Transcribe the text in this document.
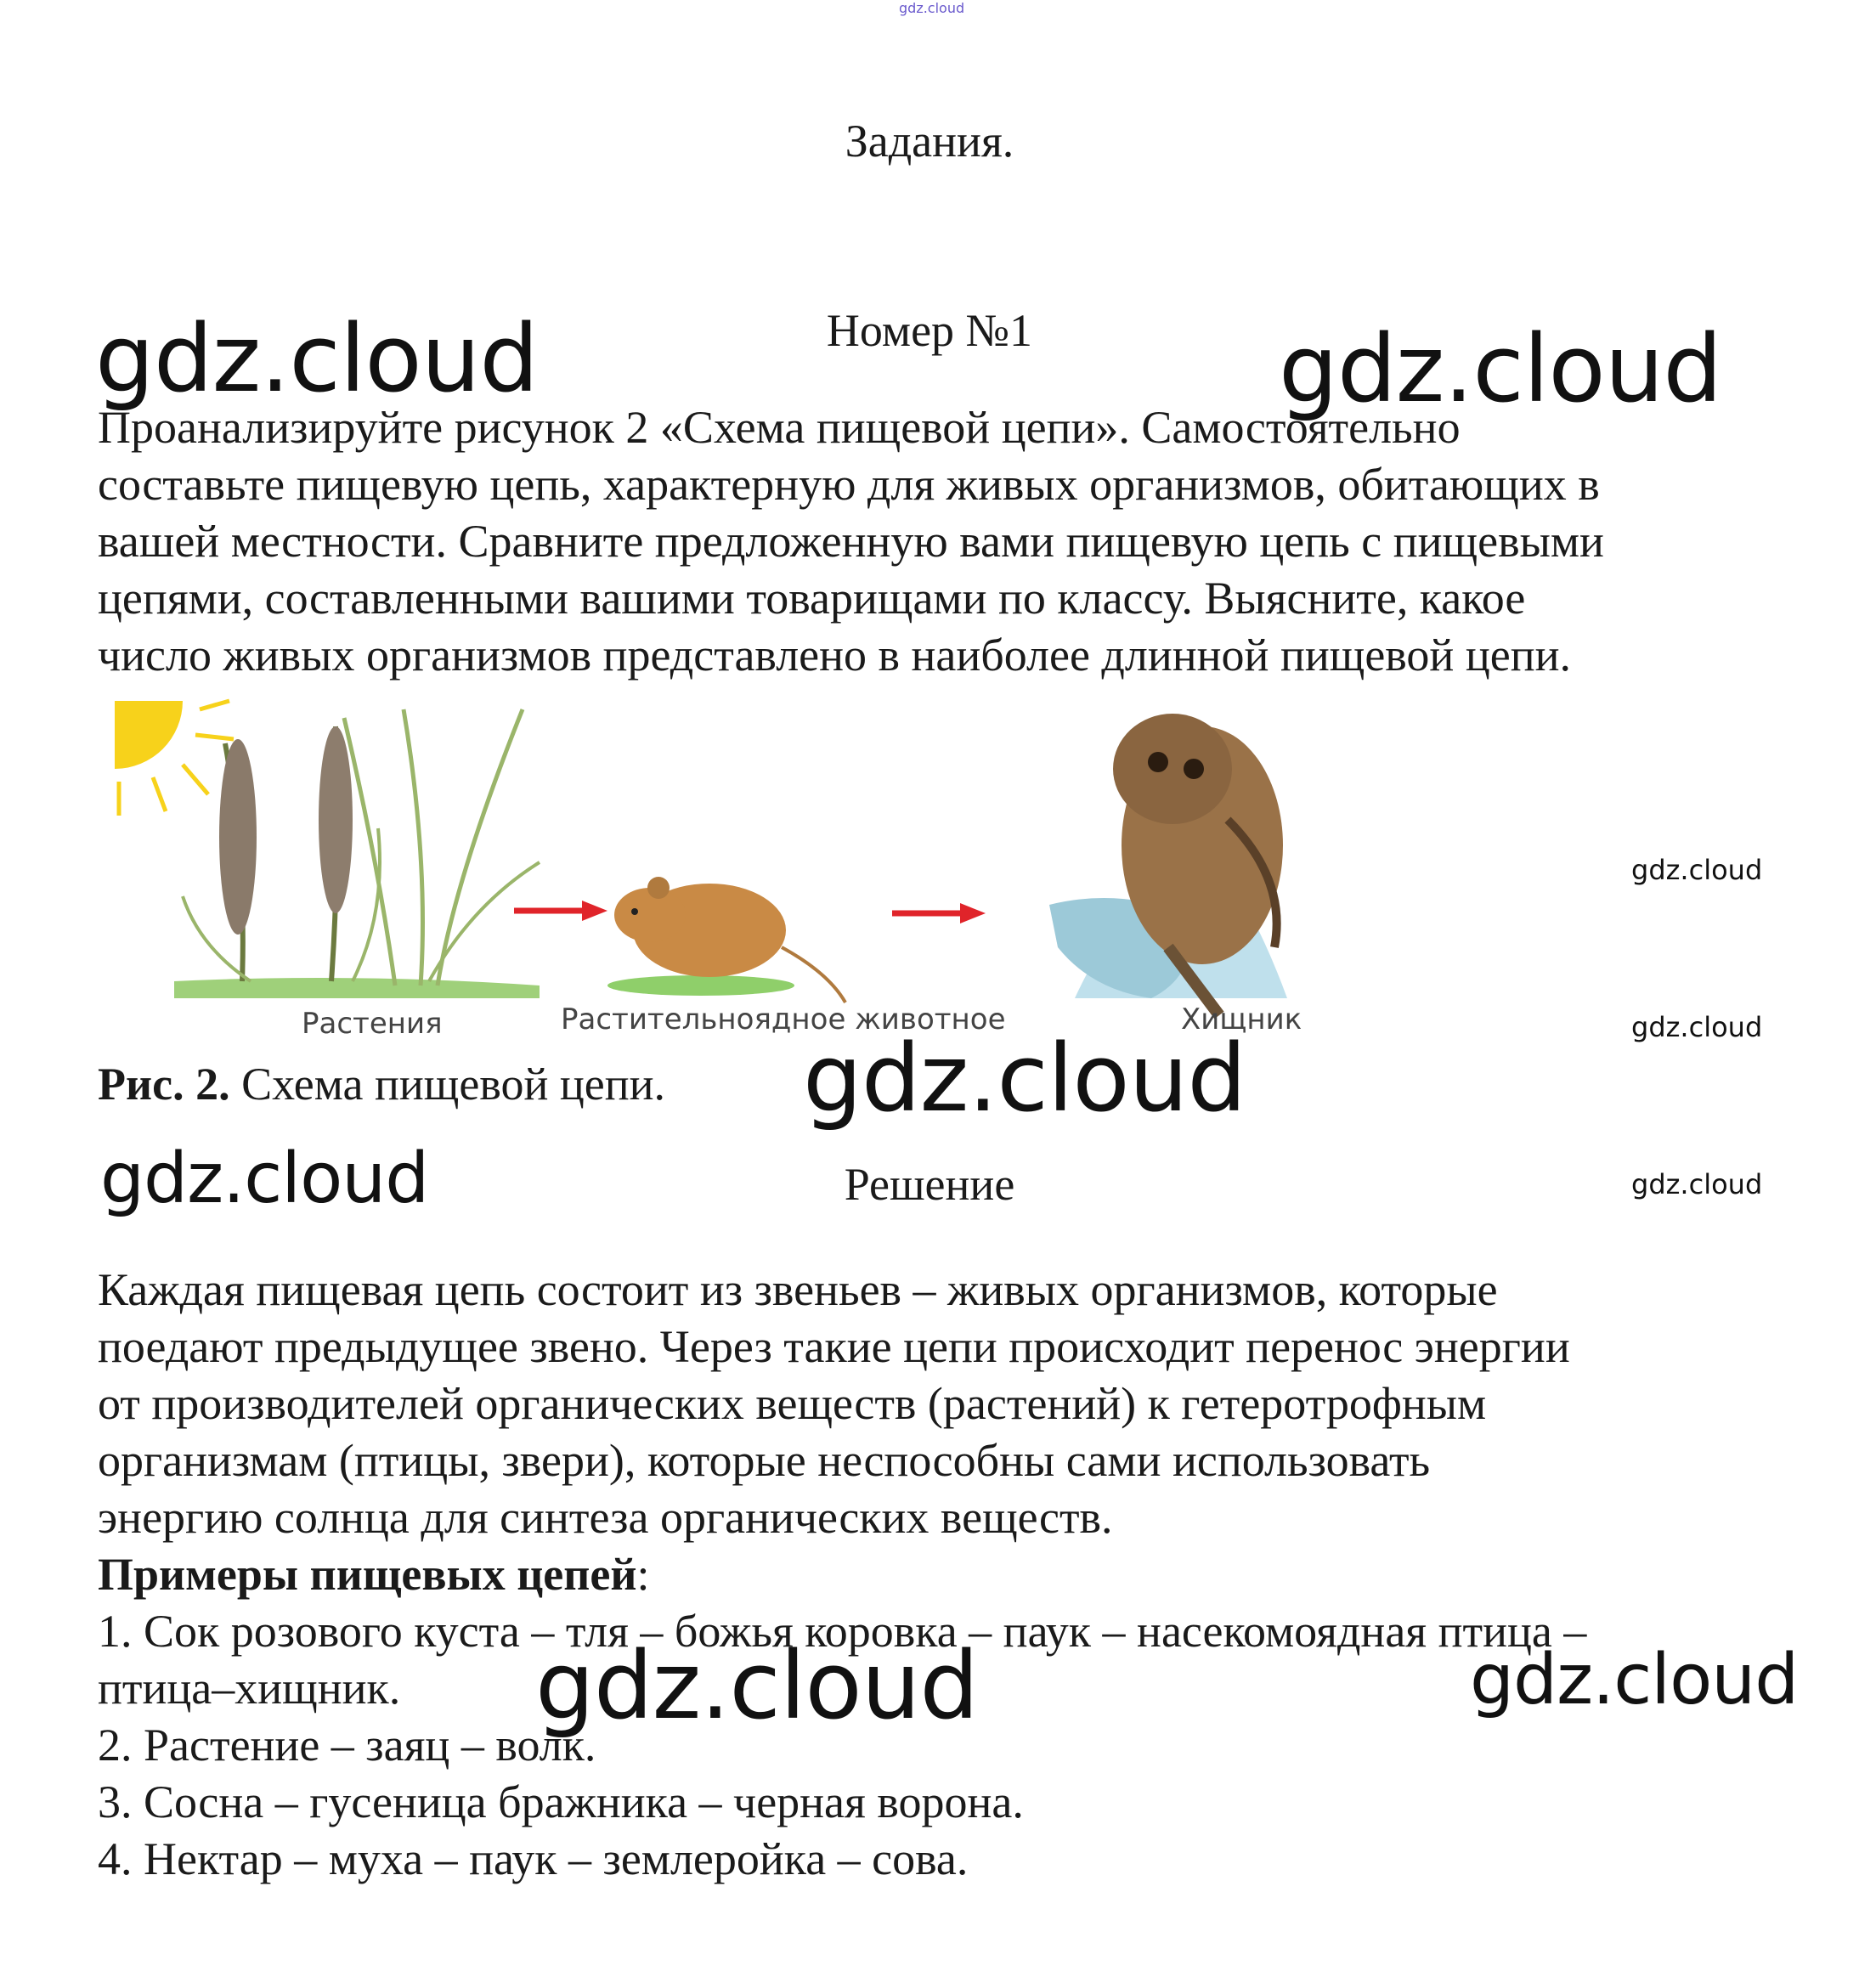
gdz.cloud
Задания.
Номер №1
gdz.cloud	gdz.cloud
Проанализируйте рисунок 2 «Схема пищевой цепи». Самостоятельно
составьте пищевую цепь, характерную для живых организмов, обитающих в
вашей местности. Сравните предложенную вами пищевую цепь с пищевыми
цепями, составленными вашими товарищами по классу. Выясните, какое
число живых организмов представлено в наиболее длинной пищевой цепи.
Растения	Растительноядное животное	Хищник
gdz.cloud
gdz.cloud
gdz.cloud
Рис. 2. Схема пищевой цепи. gdz.cloud
gdz.cloud	Решение
Каждая пищевая цепь состоит из звеньев – живых организмов, которые
поедают предыдущее звено. Через такие цепи происходит перенос энергии
от производителей органических веществ (растений) к гетеротрофным
организмам (птицы, звери), которые неспособны сами использовать
энергию солнца для синтеза органических веществ.
Примеры пищевых цепей:
1. Сок розового куста – тля – божья коровка – паук – насекомоядная птица –
птица–хищник.
2. Растение – заяц – волк.
3. Сосна – гусеница бражника – черная ворона.
4. Нектар – муха – паук – землеройка – сова.
gdz.cloud	gdz.cloud
